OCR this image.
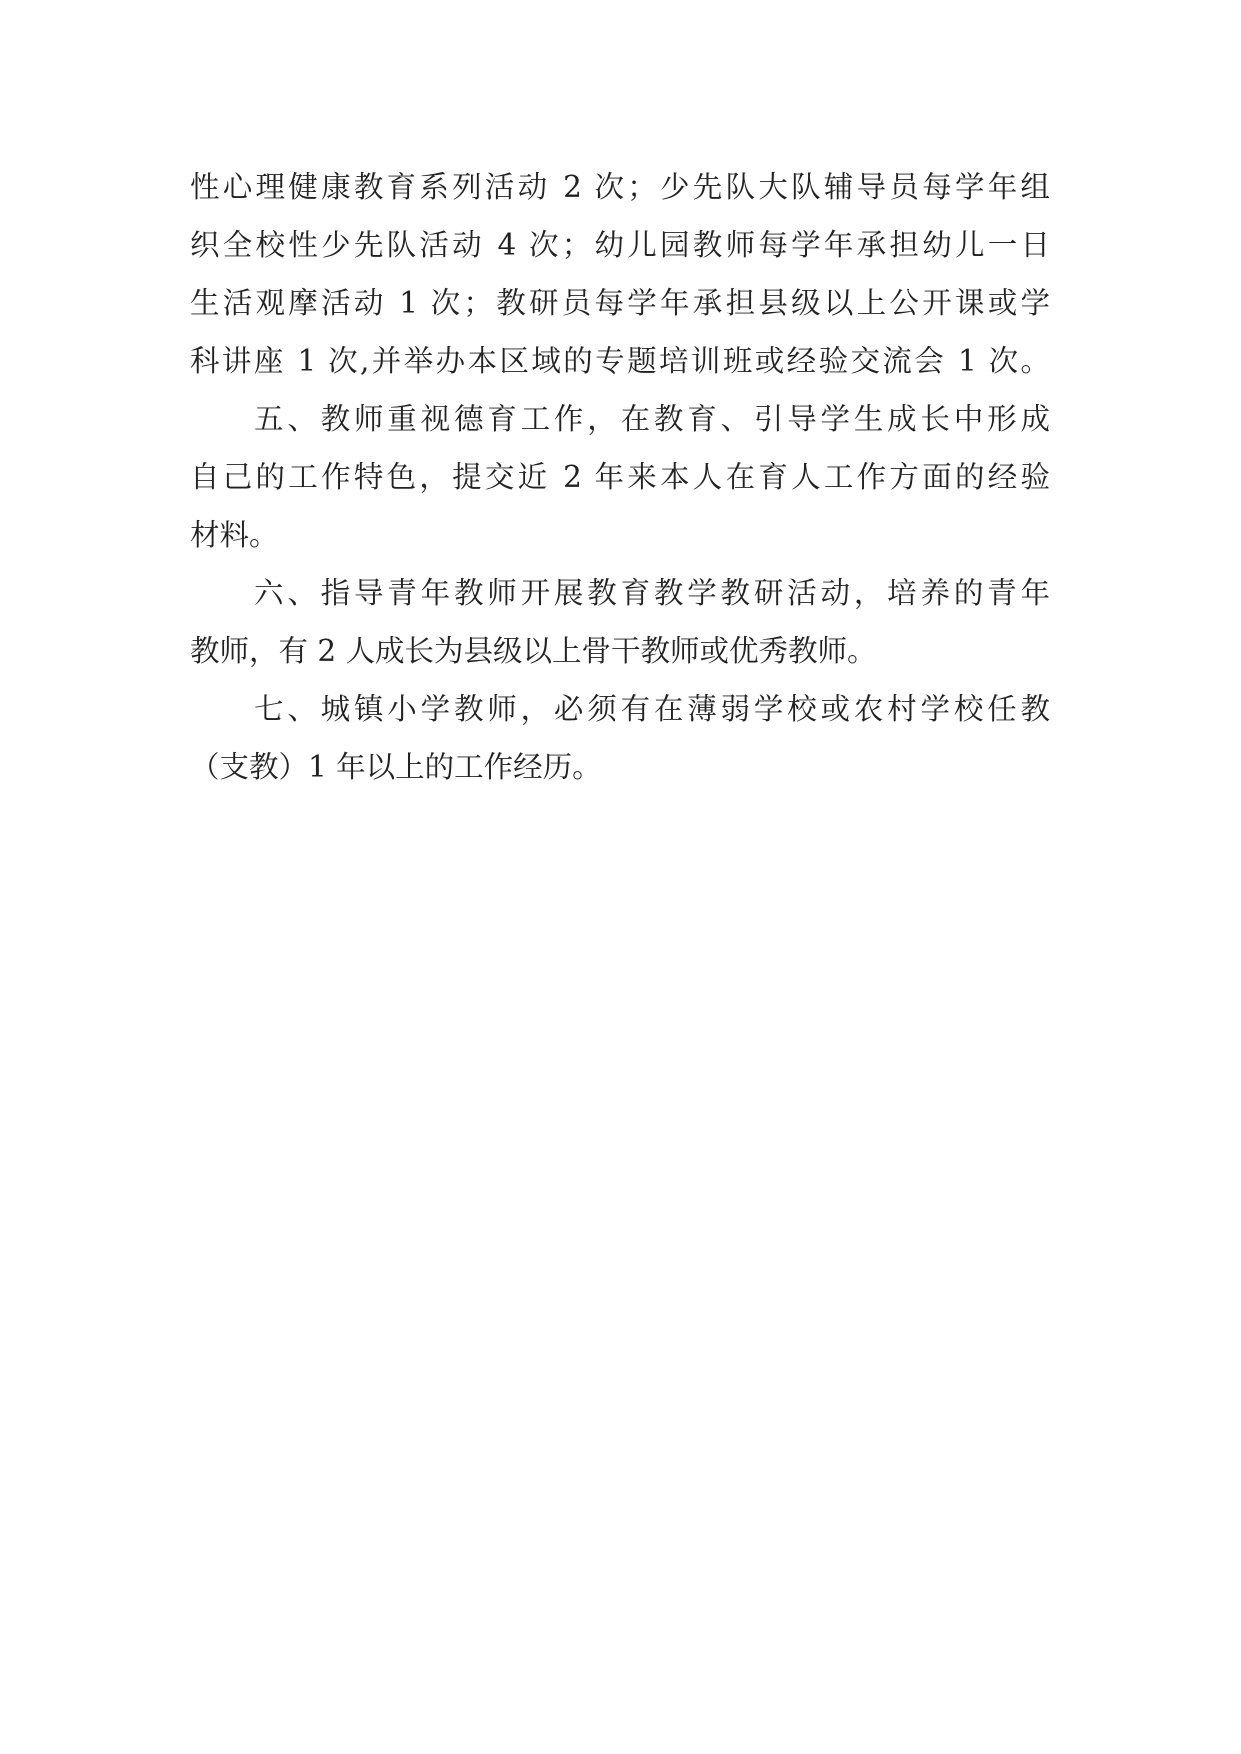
性心理健康教育系列活动 2 次；少先队大队辅导员每学年组
织全校性少先队活动 4 次；幼儿园教师每学年承担幼儿一日
生活观摩活动 1 次；教研员每学年承担县级以上公开课或学
科讲座 1 次,并举办本区域的专题培训班或经验交流会 1 次。
五、教师重视德育工作，在教育、引导学生成长中形成
自己的工作特色，提交近 2 年来本人在育人工作方面的经验
材料。
六、指导青年教师开展教育教学教研活动，培养的青年
教师，有 2 人成长为县级以上骨干教师或优秀教师。
七、城镇小学教师，必须有在薄弱学校或农村学校任教
（支教）1 年以上的工作经历。
